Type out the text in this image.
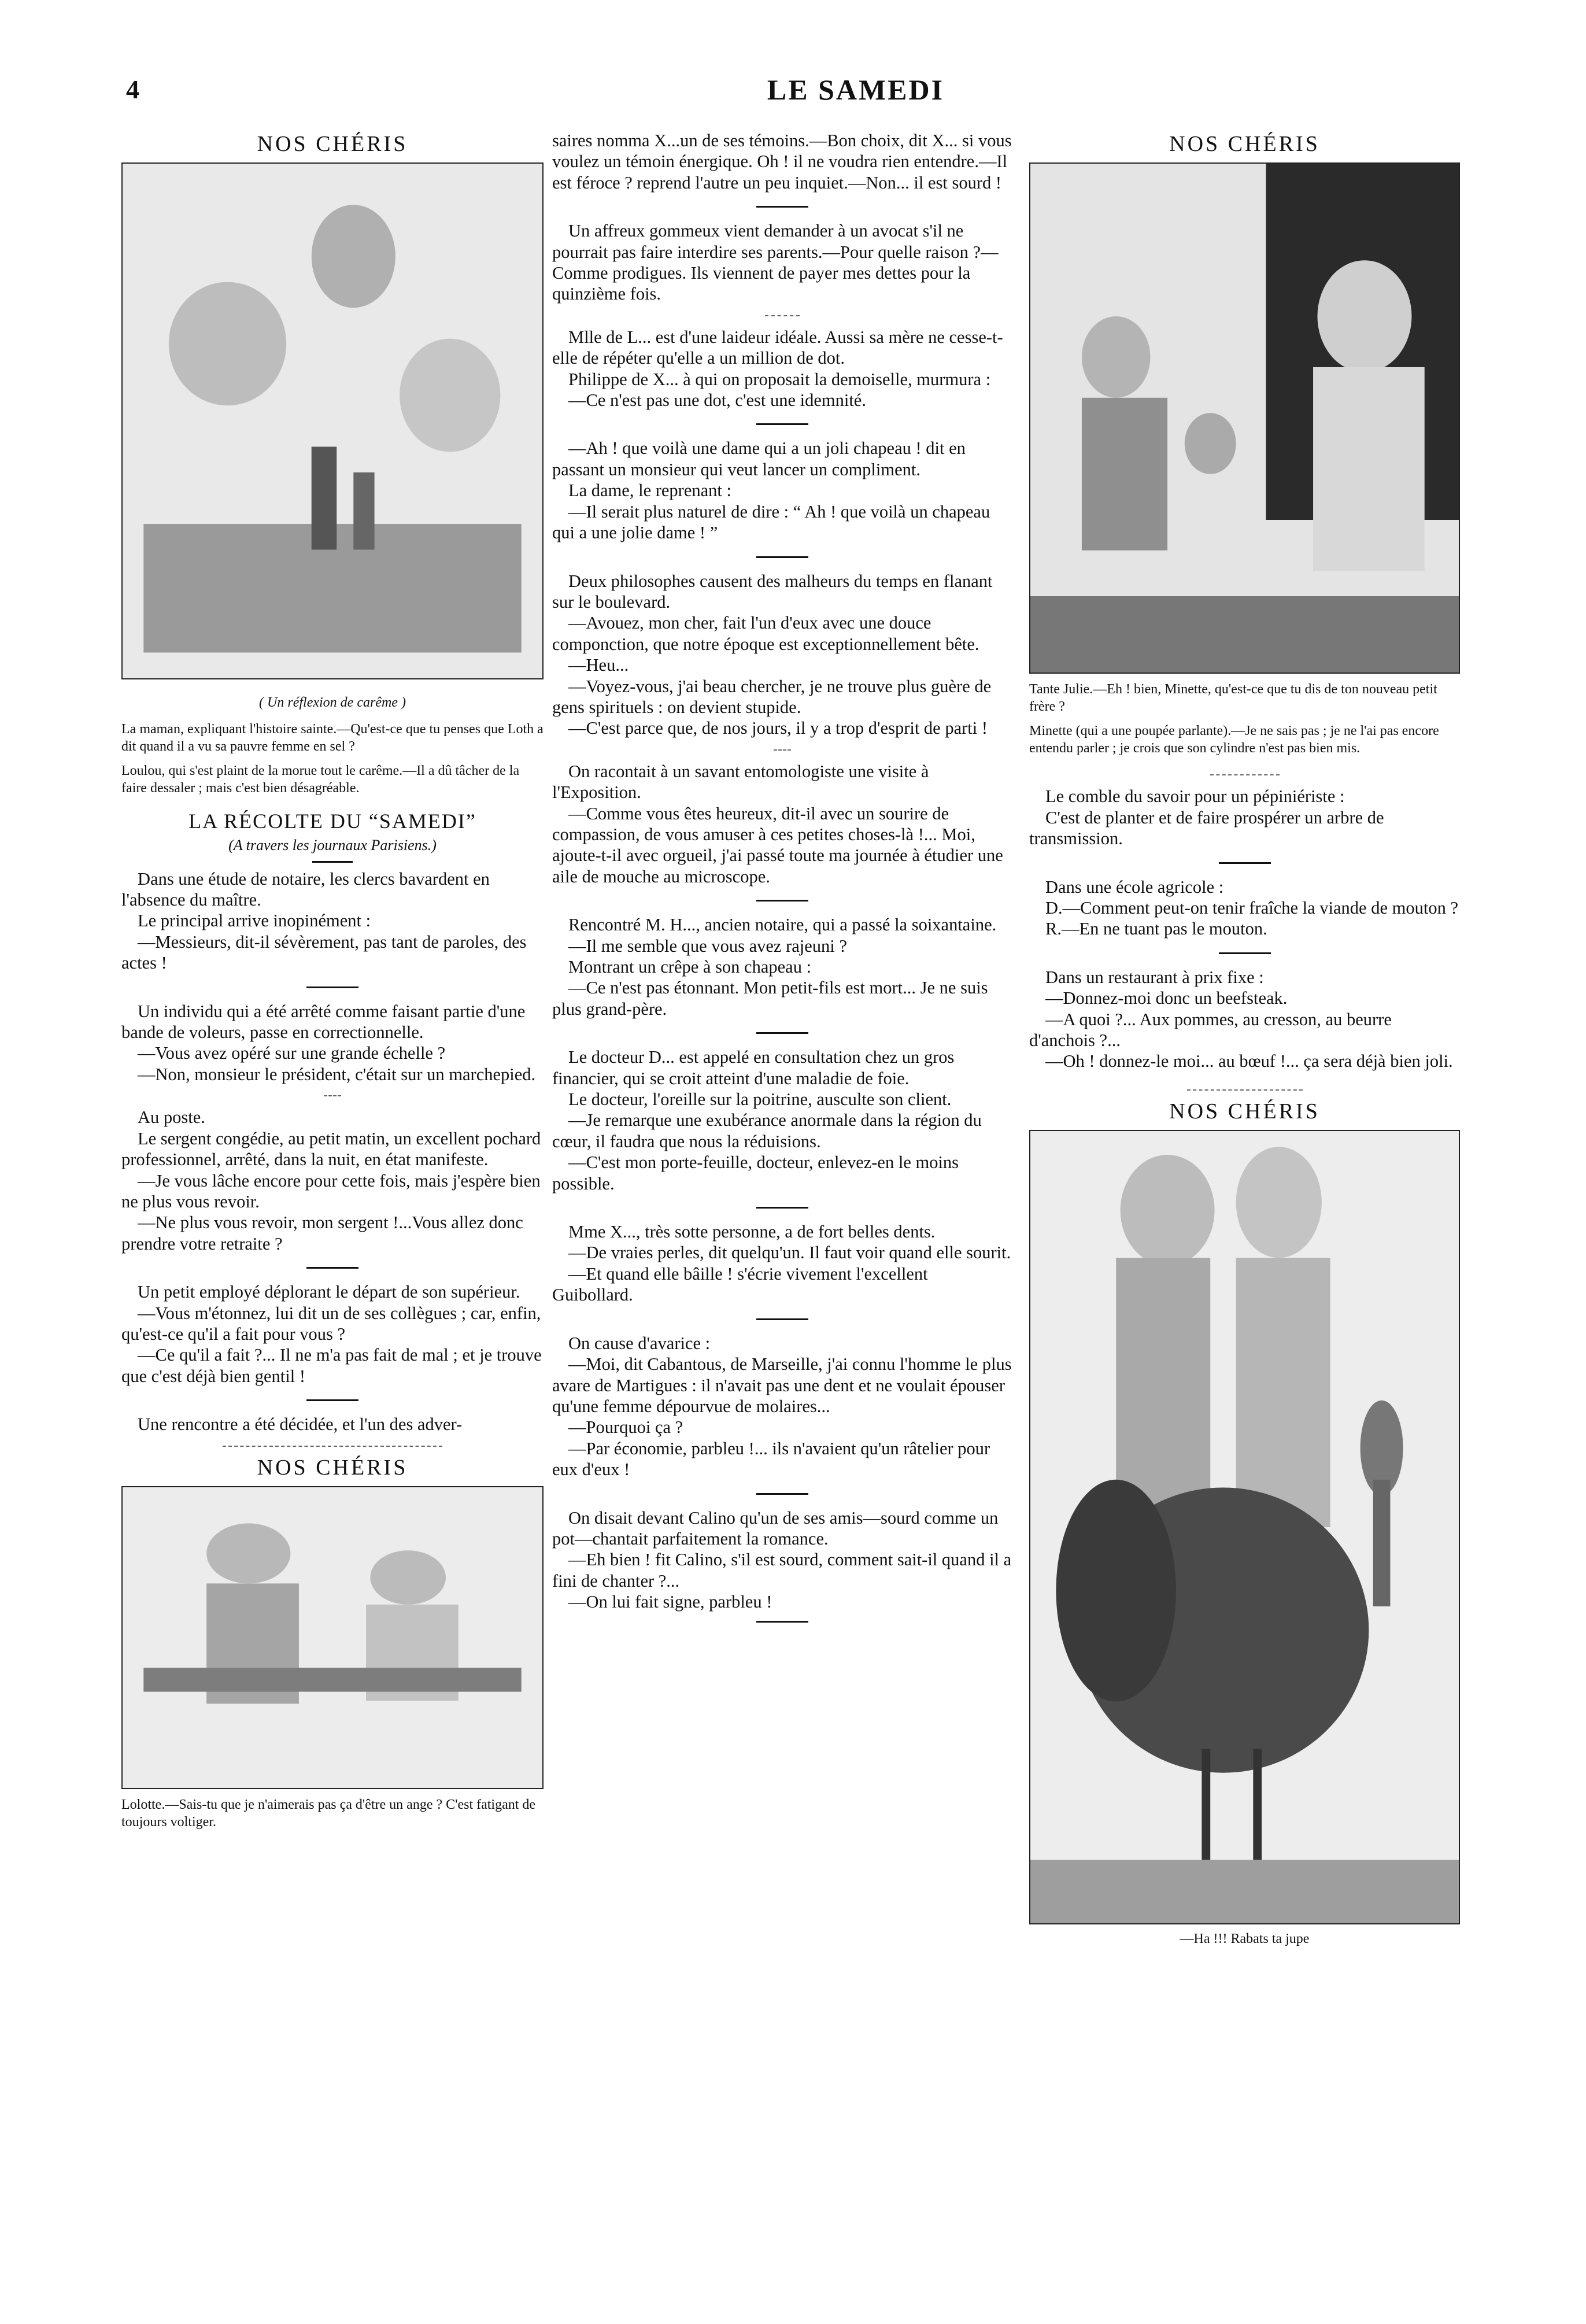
4	LE SAMEDI
NOS CHÉRIS
( Un réflexion de carême )

La maman, expliquant l'histoire sainte.—Qu'est-ce que tu penses que Loth a dit quand il a vu sa pauvre femme en sel ?

Loulou, qui s'est plaint de la morue tout le carême.—Il a dû tâcher de la faire dessaler ; mais c'est bien désagréable.

LA RÉCOLTE DU “SAMEDI”
(A travers les journaux Parisiens.)

Dans une étude de notaire, les clercs bavardent en l'absence du maître.

Le principal arrive inopinément :

—Messieurs, dit-il sévèrement, pas tant de paroles, des actes !

Un individu qui a été arrêté comme faisant partie d'une bande de voleurs, passe en correctionnelle.

—Vous avez opéré sur une grande échelle ?

—Non, monsieur le président, c'était sur un marchepied.

Au poste.

Le sergent congédie, au petit matin, un excellent pochard professionnel, arrêté, dans la nuit, en état manifeste.

—Je vous lâche encore pour cette fois, mais j'espère bien ne plus vous revoir.

—Ne plus vous revoir, mon sergent !...Vous allez donc prendre votre retraite ?

Un petit employé déplorant le départ de son supérieur.

—Vous m'étonnez, lui dit un de ses collègues ; car, enfin, qu'est-ce qu'il a fait pour vous ?

—Ce qu'il a fait ?... Il ne m'a pas fait de mal ; et je trouve que c'est déjà bien gentil !

Une rencontre a été décidée, et l'un des adver-

NOS CHÉRIS

Lolotte.—Sais-tu que je n'aimerais pas ça d'être un ange ? C'est fatigant de toujours voltiger.

saires nomma X...un de ses témoins.—Bon choix, dit X... si vous voulez un témoin énergique. Oh ! il ne voudra rien entendre.—Il est féroce ? reprend l'autre un peu inquiet.—Non... il est sourd !

Un affreux gommeux vient demander à un avocat s'il ne pourrait pas faire interdire ses parents.—Pour quelle raison ?—Comme prodigues. Ils viennent de payer mes dettes pour la quinzième fois.

Mlle de L... est d'une laideur idéale. Aussi sa mère ne cesse-t-elle de répéter qu'elle a un million de dot.

Philippe de X... à qui on proposait la demoiselle, murmura :

—Ce n'est pas une dot, c'est une idemnité.

—Ah ! que voilà une dame qui a un joli chapeau ! dit en passant un monsieur qui veut lancer un compliment.

La dame, le reprenant :

—Il serait plus naturel de dire : “ Ah ! que voilà un chapeau qui a une jolie dame ! ”

Deux philosophes causent des malheurs du temps en flanant sur le boulevard.

—Avouez, mon cher, fait l'un d'eux avec une douce componction, que notre époque est exceptionnellement bête.

—Heu...

—Voyez-vous, j'ai beau chercher, je ne trouve plus guère de gens spirituels : on devient stupide.

—C'est parce que, de nos jours, il y a trop d'esprit de parti !

On racontait à un savant entomologiste une visite à l'Exposition.

—Comme vous êtes heureux, dit-il avec un sourire de compassion, de vous amuser à ces petites choses-là !... Moi, ajoute-t-il avec orgueil, j'ai passé toute ma journée à étudier une aile de mouche au microscope.

Rencontré M. H..., ancien notaire, qui a passé la soixantaine.

—Il me semble que vous avez rajeuni ?

Montrant un crêpe à son chapeau :

—Ce n'est pas étonnant. Mon petit-fils est mort... Je ne suis plus grand-père.

Le docteur D... est appelé en consultation chez un gros financier, qui se croit atteint d'une maladie de foie.

Le docteur, l'oreille sur la poitrine, ausculte son client.

—Je remarque une exubérance anormale dans la région du cœur, il faudra que nous la réduisions.

—C'est mon porte-feuille, docteur, enlevez-en le moins possible.

Mme X..., très sotte personne, a de fort belles dents.

—De vraies perles, dit quelqu'un. Il faut voir quand elle sourit.

—Et quand elle bâille ! s'écrie vivement l'excellent Guibollard.

On cause d'avarice :

—Moi, dit Cabantous, de Marseille, j'ai connu l'homme le plus avare de Martigues : il n'avait pas une dent et ne voulait épouser qu'une femme dépourvue de molaires...

—Pourquoi ça ?

—Par économie, parbleu !... ils n'avaient qu'un râtelier pour eux d'eux !

On disait devant Calino qu'un de ses amis—sourd comme un pot—chantait parfaitement la romance.

—Eh bien ! fit Calino, s'il est sourd, comment sait-il quand il a fini de chanter ?...

—On lui fait signe, parbleu !

NOS CHÉRIS

Tante Julie.—Eh ! bien, Minette, qu'est-ce que tu dis de ton nouveau petit frère ?

Minette (qui a une poupée parlante).—Je ne sais pas ; je ne l'ai pas encore entendu parler ; je crois que son cylindre n'est pas bien mis.

Le comble du savoir pour un pépiniériste :

C'est de planter et de faire prospérer un arbre de transmission.

Dans une école agricole :

D.—Comment peut-on tenir fraîche la viande de mouton ?

R.—En ne tuant pas le mouton.

Dans un restaurant à prix fixe :

—Donnez-moi donc un beefsteak.

—A quoi ?... Aux pommes, au cresson, au beurre d'anchois ?...

—Oh ! donnez-le moi... au bœuf !... ça sera déjà bien joli.

NOS CHÉRIS
—Ha !!! Rabats ta jupe
